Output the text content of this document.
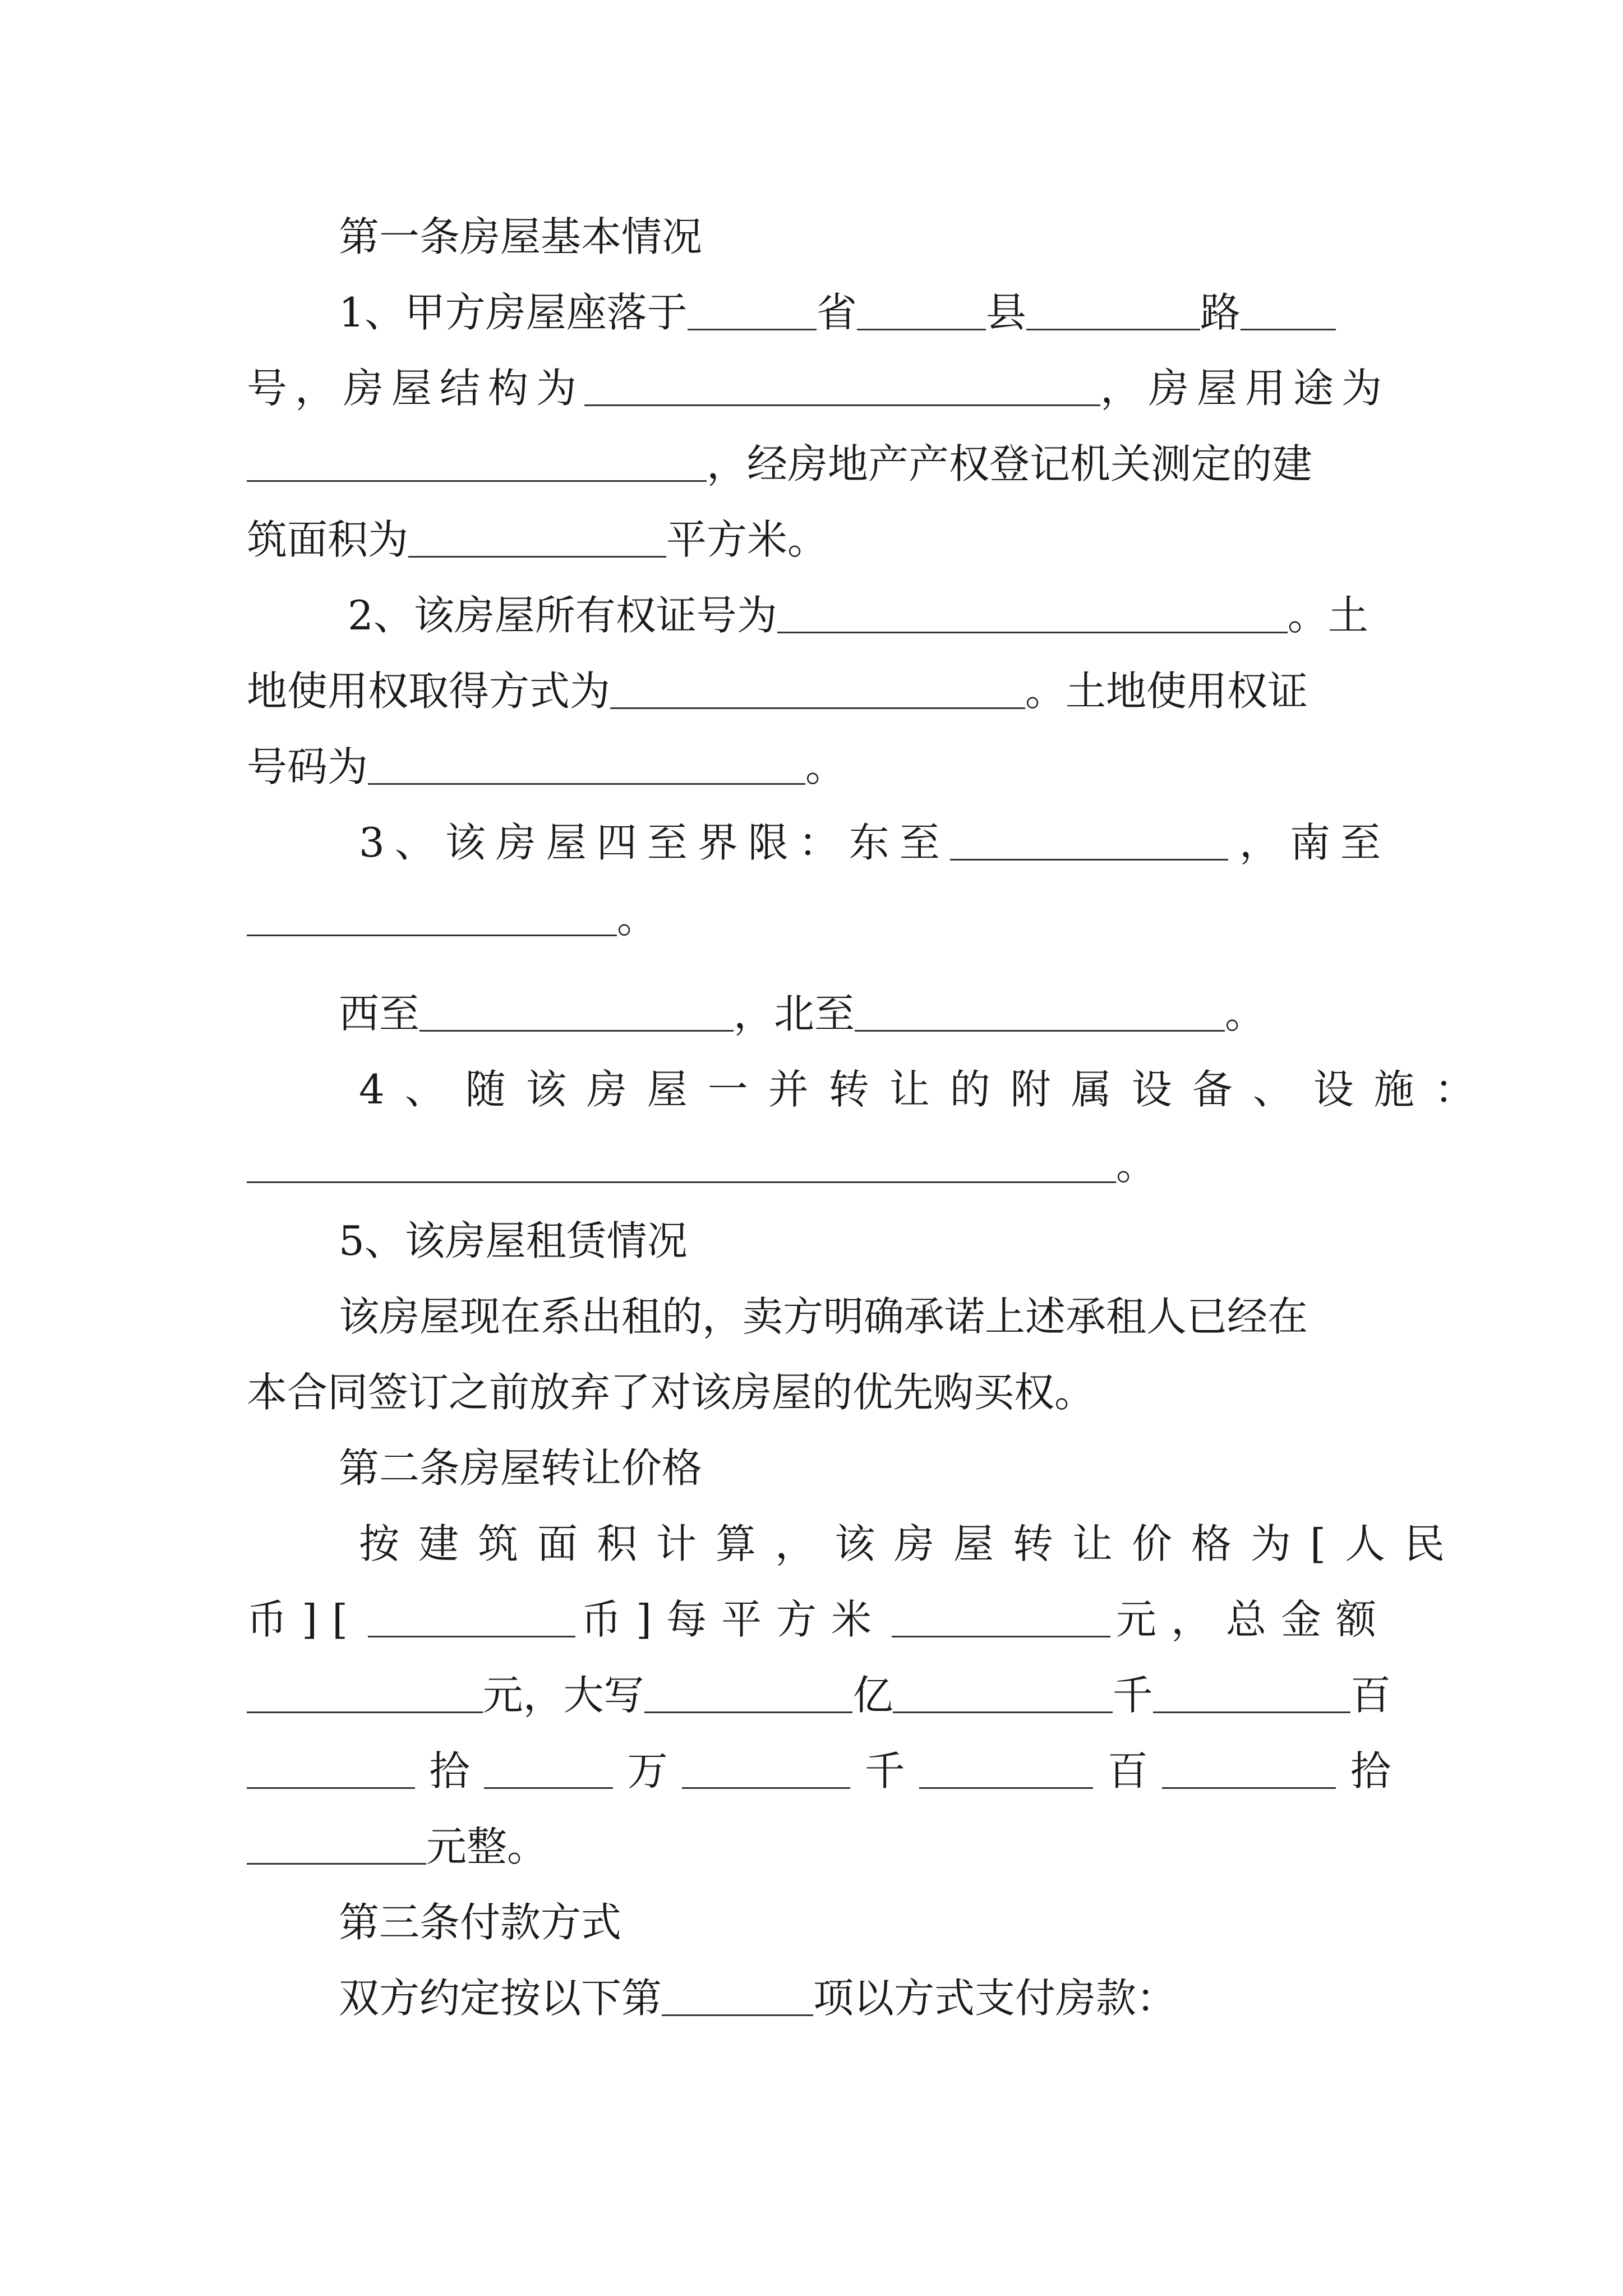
第一条房屋基本情况
1、甲方房屋座落于	省	县	路
号，房屋结构为	，房屋用途为
，经房地产产权登记机关测定的建
筑面积为	平方米。
2、该房屋所有权证号为	。土
地使用权取得方式为	。土地使用权证
号码为	。
3、该房屋四至界限：东至	，南至
。
西至	，北至	。
4、随该房屋一并转让的附属设备、设施：
。
5、该房屋租赁情况
该房屋现在系出租的，卖方明确承诺上述承租人已经在
本合同签订之前放弃了对该房屋的优先购买权。
第二条房屋转让价格
按建筑面积计算，该房屋转让价格为[人民
币][	币]每平方米	元，总金额
元，大写	亿	千	百
拾	万	千	百	拾
元整。
第三条付款方式
双方约定按以下第	项以方式支付房款：
